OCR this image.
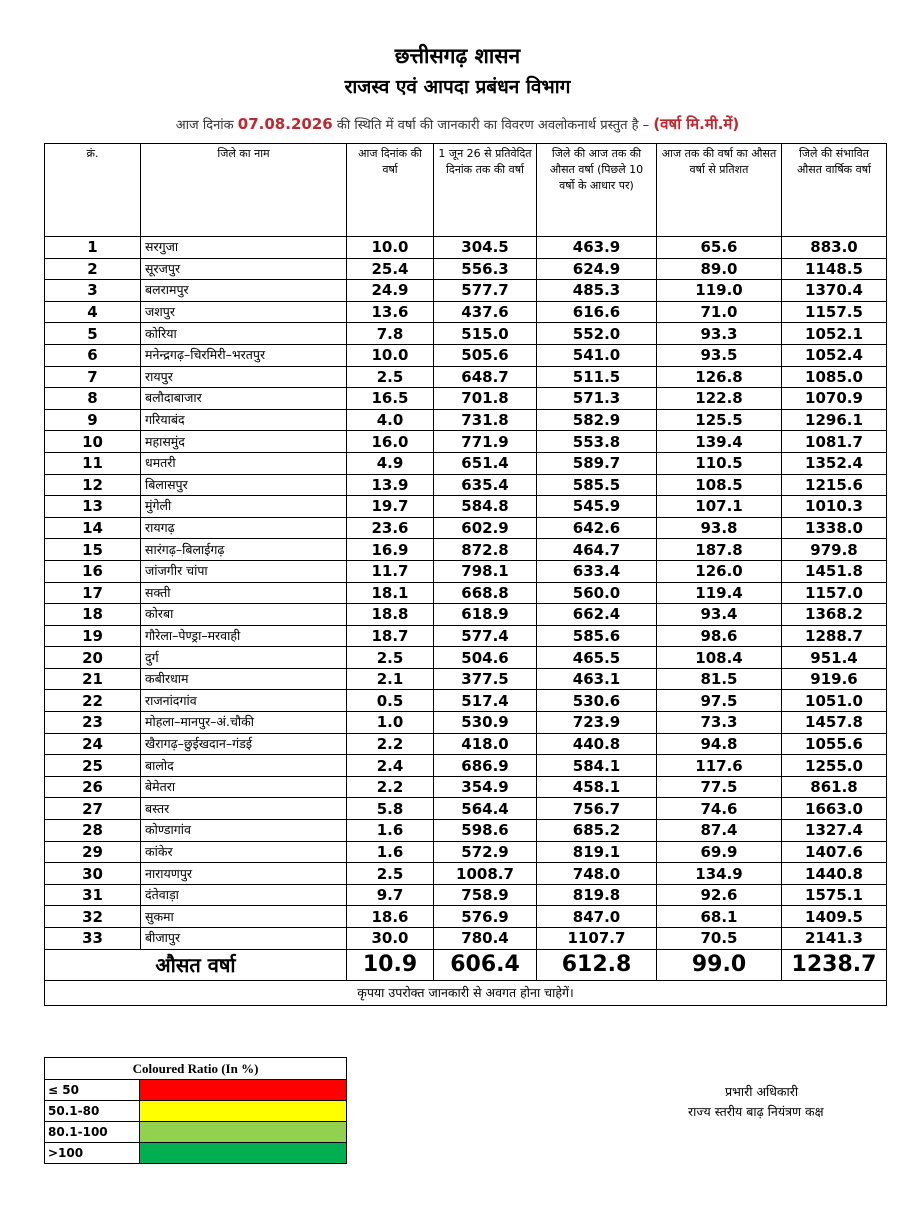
छत्तीसगढ़ शासन
राजस्व एवं आपदा प्रबंधन विभाग
आज दिनांक 07.08.2026 की स्थिति में वर्षा की जानकारी का विवरण अवलोकनार्थ प्रस्तुत है – (वर्षा मि.मी.में)
क्रं.	जिले का नाम	आज दिनांक की वर्षा	1 जून 26 से प्रतिवेदित दिनांक तक की वर्षा	जिले की आज तक की औसत वर्षा (पिछले 10 वर्षो के आधार पर)	आज तक की वर्षा का औसत वर्षा से प्रतिशत	जिले की संभावित औसत वार्षिक वर्षा
1	सरगुजा	10.0	304.5	463.9	65.6	883.0
2	सूरजपुर	25.4	556.3	624.9	89.0	1148.5
3	बलरामपुर	24.9	577.7	485.3	119.0	1370.4
4	जशपुर	13.6	437.6	616.6	71.0	1157.5
5	कोरिया	7.8	515.0	552.0	93.3	1052.1
6	मनेन्द्रगढ़–चिरमिरी–भरतपुर	10.0	505.6	541.0	93.5	1052.4
7	रायपुर	2.5	648.7	511.5	126.8	1085.0
8	बलौदाबाजार	16.5	701.8	571.3	122.8	1070.9
9	गरियाबंद	4.0	731.8	582.9	125.5	1296.1
10	महासमुंद	16.0	771.9	553.8	139.4	1081.7
11	धमतरी	4.9	651.4	589.7	110.5	1352.4
12	बिलासपुर	13.9	635.4	585.5	108.5	1215.6
13	मुंगेली	19.7	584.8	545.9	107.1	1010.3
14	रायगढ़	23.6	602.9	642.6	93.8	1338.0
15	सारंगढ़–बिलाईगढ़	16.9	872.8	464.7	187.8	979.8
16	जांजगीर चांपा	11.7	798.1	633.4	126.0	1451.8
17	सक्ती	18.1	668.8	560.0	119.4	1157.0
18	कोरबा	18.8	618.9	662.4	93.4	1368.2
19	गौरेला–पेण्ड्रा–मरवाही	18.7	577.4	585.6	98.6	1288.7
20	दुर्ग	2.5	504.6	465.5	108.4	951.4
21	कबीरधाम	2.1	377.5	463.1	81.5	919.6
22	राजनांदगांव	0.5	517.4	530.6	97.5	1051.0
23	मोहला–मानपुर–अं.चौकी	1.0	530.9	723.9	73.3	1457.8
24	खैरागढ़–छुईखदान–गंडई	2.2	418.0	440.8	94.8	1055.6
25	बालोद	2.4	686.9	584.1	117.6	1255.0
26	बेमेतरा	2.2	354.9	458.1	77.5	861.8
27	बस्तर	5.8	564.4	756.7	74.6	1663.0
28	कोण्डागांव	1.6	598.6	685.2	87.4	1327.4
29	कांकेर	1.6	572.9	819.1	69.9	1407.6
30	नारायणपुर	2.5	1008.7	748.0	134.9	1440.8
31	दंतेवाड़ा	9.7	758.9	819.8	92.6	1575.1
32	सुकमा	18.6	576.9	847.0	68.1	1409.5
33	बीजापुर	30.0	780.4	1107.7	70.5	2141.3
औसत वर्षा		10.9	606.4	612.8	99.0	1238.7
कृपया उपरोक्त जानकारी से अवगत होना चाहेगें।						
Coloured Ratio (In %)	
≤ 50	
50.1-80	
80.1-100	
>100	
प्रभारी अधिकारी
राज्य स्तरीय बाढ़ नियंत्रण कक्ष
